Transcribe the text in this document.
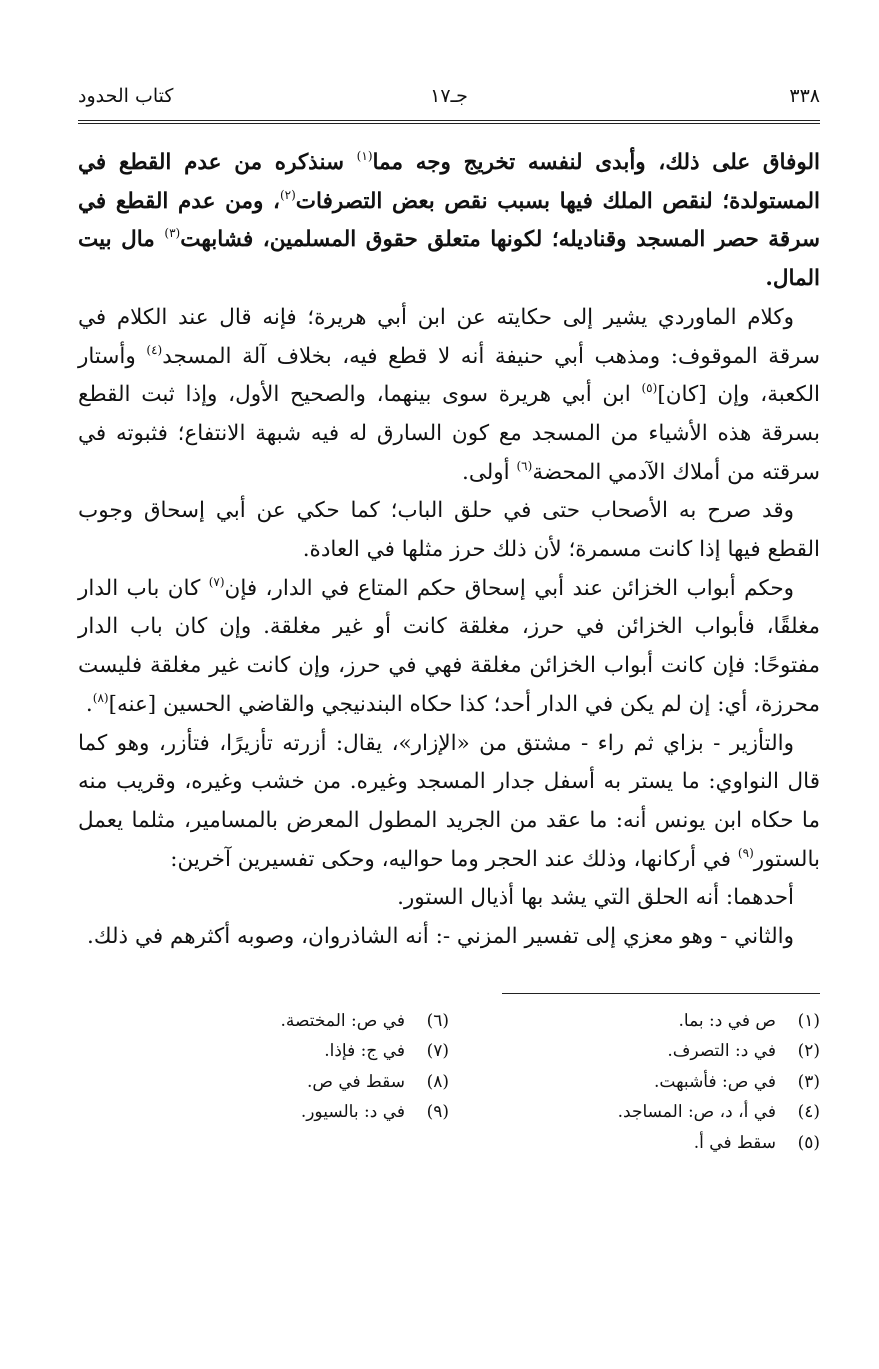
٣٣٨
جـ١٧
كتاب الحدود

الوفاق على ذلك، وأبدى لنفسه تخريج وجه مما$^{(١)}$ سنذكره من عدم القطع في المستولدة؛ لنقص الملك فيها بسبب نقص بعض التصرفات$^{(٢)}$، ومن عدم القطع في سرقة حصر المسجد وقناديله؛ لكونها متعلق حقوق المسلمين، فشابهت$^{(٣)}$ مال بيت المال.

وكلام الماوردي يشير إلى حكايته عن ابن أبي هريرة؛ فإنه قال عند الكلام في سرقة الموقوف: ومذهب أبي حنيفة أنه لا قطع فيه، بخلاف آلة المسجد$^{(٤)}$ وأستار الكعبة، وإن [كان]$^{(٥)}$ ابن أبي هريرة سوى بينهما، والصحيح الأول، وإذا ثبت القطع بسرقة هذه الأشياء من المسجد مع كون السارق له فيه شبهة الانتفاع؛ فثبوته في سرقته من أملاك الآدمي المحضة$^{(٦)}$ أولى.

وقد صرح به الأصحاب حتى في حلق الباب؛ كما حكي عن أبي إسحاق وجوب القطع فيها إذا كانت مسمرة؛ لأن ذلك حرز مثلها في العادة.

وحكم أبواب الخزائن عند أبي إسحاق حكم المتاع في الدار، فإن$^{(٧)}$ كان باب الدار مغلقًا، فأبواب الخزائن في حرز، مغلقة كانت أو غير مغلقة. وإن كان باب الدار مفتوحًا: فإن كانت أبواب الخزائن مغلقة فهي في حرز، وإن كانت غير مغلقة فليست محرزة، أي: إن لم يكن في الدار أحد؛ كذا حكاه البندنيجي والقاضي الحسين [عنه]$^{(٨)}$.

والتأزير - بزاي ثم راء - مشتق من «الإزار»، يقال: أزرته تأزيرًا، فتأزر، وهو كما قال النواوي: ما يستر به أسفل جدار المسجد وغيره. من خشب وغيره، وقريب منه ما حكاه ابن يونس أنه: ما عقد من الجريد المطول المعرض بالمسامير، مثلما يعمل بالستور$^{(٩)}$ في أركانها، وذلك عند الحجر وما حواليه، وحكى تفسيرين آخرين:

أحدهما: أنه الحلق التي يشد بها أذيال الستور.

والثاني - وهو معزي إلى تفسير المزني -: أنه الشاذروان، وصوبه أكثرهم في ذلك.

(١)ص في د: بما.
(٢)في د: التصرف.
(٣)في ص: فأشبهت.
(٤)في أ، د، ص: المساجد.
(٥)سقط في أ.
(٦)في ص: المختصة.
(٧)في ج: فإذا.
(٨)سقط في ص.
(٩)في د: بالسيور.
